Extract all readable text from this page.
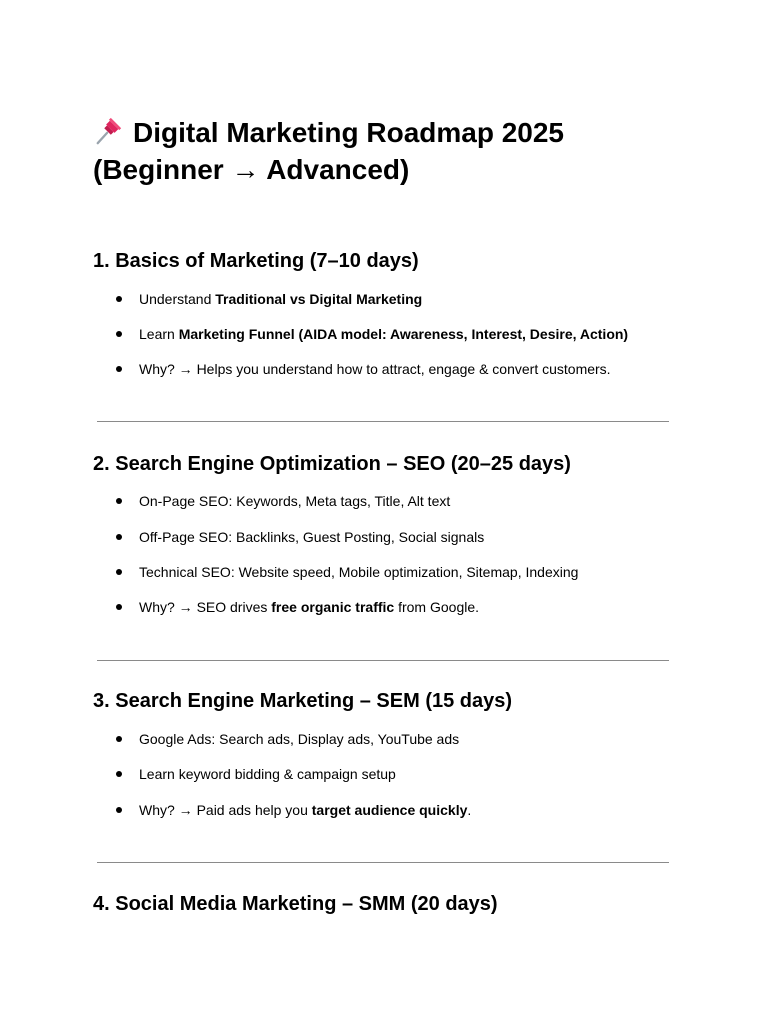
Digital Marketing Roadmap 2025
(Beginner → Advanced)
1. Basics of Marketing (7–10 days)
Understand Traditional vs Digital Marketing
Learn Marketing Funnel (AIDA model: Awareness, Interest, Desire, Action)
Why? → Helps you understand how to attract, engage & convert customers.
2. Search Engine Optimization – SEO (20–25 days)
On-Page SEO: Keywords, Meta tags, Title, Alt text
Off-Page SEO: Backlinks, Guest Posting, Social signals
Technical SEO: Website speed, Mobile optimization, Sitemap, Indexing
Why? → SEO drives free organic traffic from Google.
3. Search Engine Marketing – SEM (15 days)
Google Ads: Search ads, Display ads, YouTube ads
Learn keyword bidding & campaign setup
Why? → Paid ads help you target audience quickly.
4. Social Media Marketing – SMM (20 days)
